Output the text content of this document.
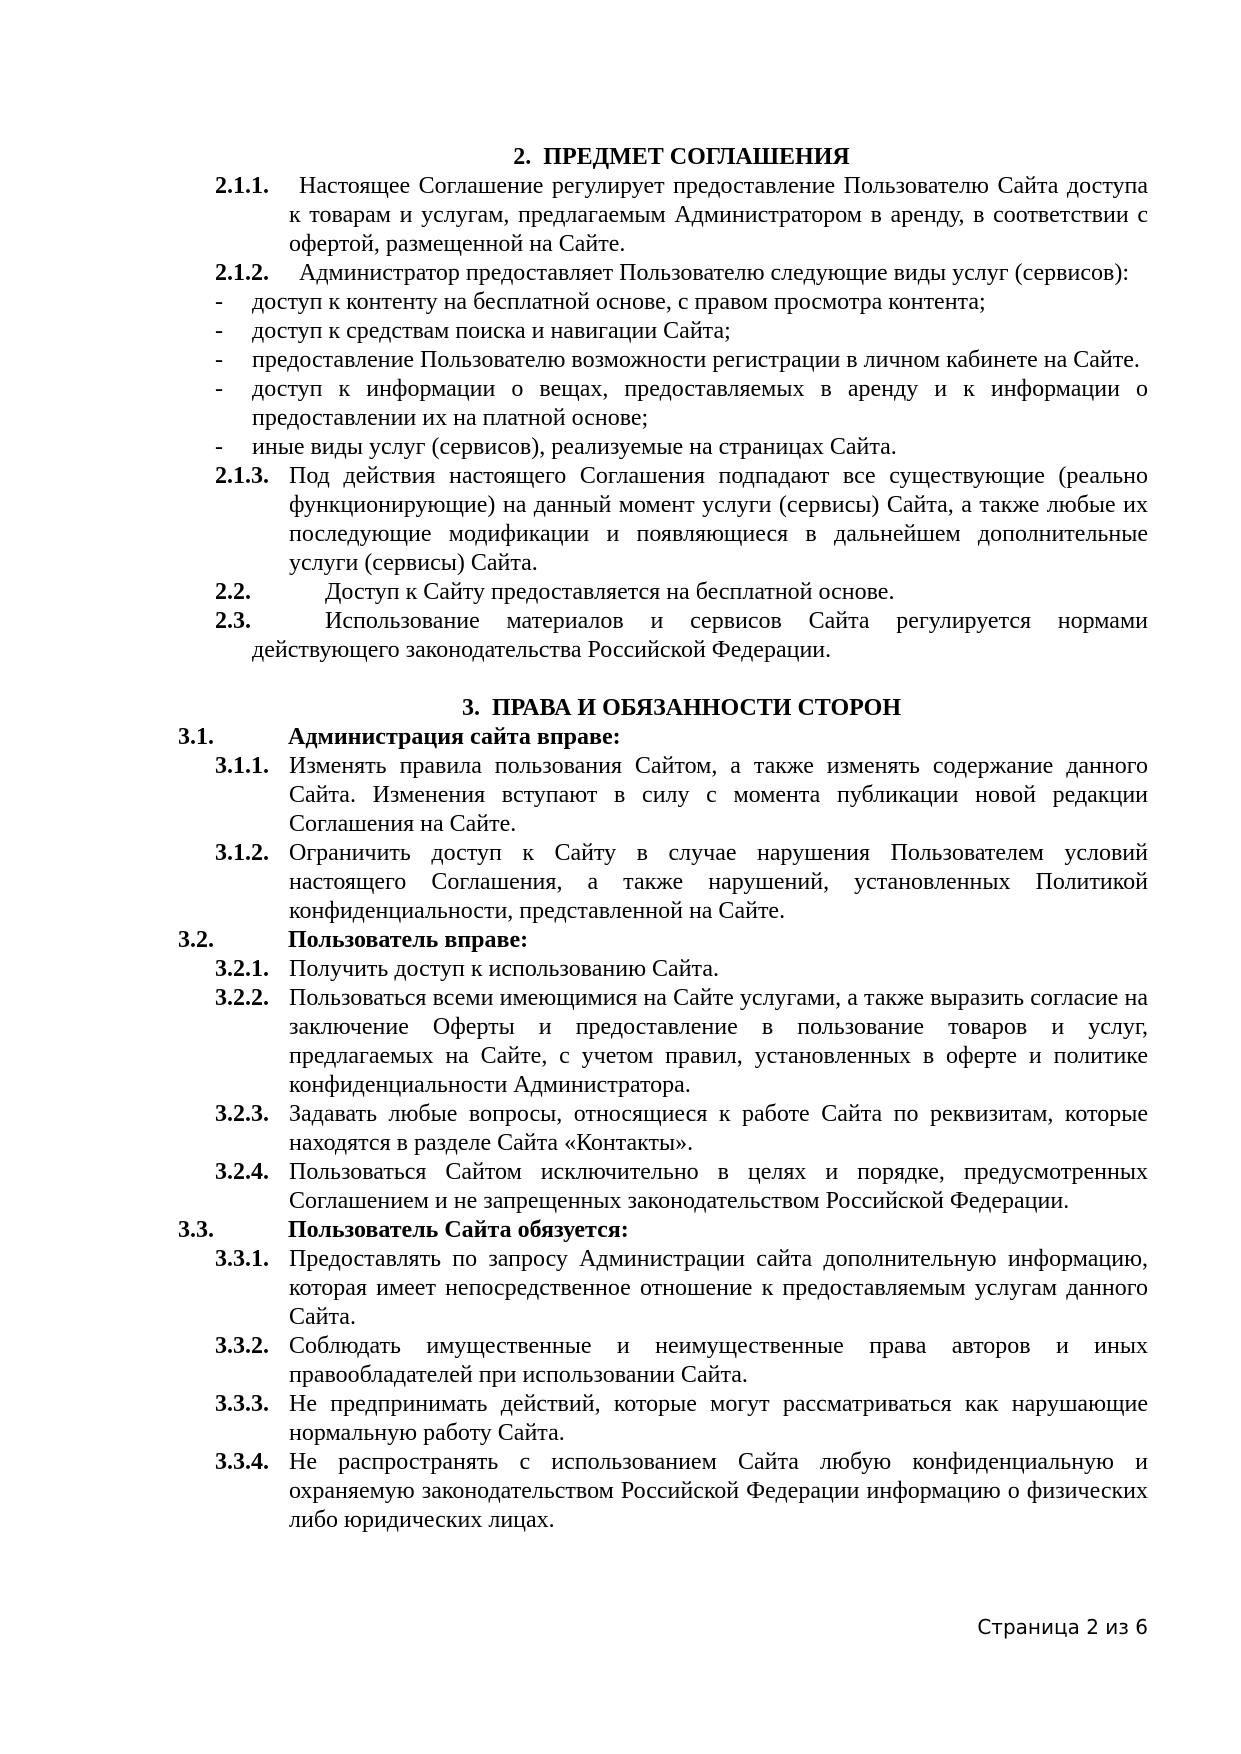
2. ПРЕДМЕТ СОГЛАШЕНИЯ
2.1.1.	Настоящее Соглашение регулирует предоставление Пользователю Сайта доступа к товарам и услугам, предлагаемым Администратором в аренду, в соответствии с офертой, размещенной на Сайте.
2.1.2.	Администратор предоставляет Пользователю следующие виды услуг (сервисов):
- доступ к контенту на бесплатной основе, с правом просмотра контента;
- доступ к средствам поиска и навигации Сайта;
- предоставление Пользователю возможности регистрации в личном кабинете на Сайте.
- доступ к информации о вещах, предоставляемых в аренду и к информации о предоставлении их на платной основе;
- иные виды услуг (сервисов), реализуемые на страницах Сайта.
2.1.3. Под действия настоящего Соглашения подпадают все существующие (реально функционирующие) на данный момент услуги (сервисы) Сайта, а также любые их последующие модификации и появляющиеся в дальнейшем дополнительные услуги (сервисы) Сайта.
2.2.	Доступ к Сайту предоставляется на бесплатной основе.
2.3.	Использование материалов и сервисов Сайта регулируется нормами действующего законодательства Российской Федерации.
3. ПРАВА И ОБЯЗАННОСТИ СТОРОН
3.1.	Администрация сайта вправе:
3.1.1. Изменять правила пользования Сайтом, а также изменять содержание данного Сайта. Изменения вступают в силу с момента публикации новой редакции Соглашения на Сайте.
3.1.2. Ограничить доступ к Сайту в случае нарушения Пользователем условий настоящего Соглашения, а также нарушений, установленных Политикой конфиденциальности, представленной на Сайте.
3.2.	Пользователь вправе:
3.2.1. Получить доступ к использованию Сайта.
3.2.2. Пользоваться всеми имеющимися на Сайте услугами, а также выразить согласие на заключение Оферты и предоставление в пользование товаров и услуг, предлагаемых на Сайте, с учетом правил, установленных в оферте и политике конфиденциальности Администратора.
3.2.3. Задавать любые вопросы, относящиеся к работе Сайта по реквизитам, которые находятся в разделе Сайта «Контакты».
3.2.4. Пользоваться Сайтом исключительно в целях и порядке, предусмотренных Соглашением и не запрещенных законодательством Российской Федерации.
3.3.	Пользователь Сайта обязуется:
3.3.1. Предоставлять по запросу Администрации сайта дополнительную информацию, которая имеет непосредственное отношение к предоставляемым услугам данного Сайта.
3.3.2. Соблюдать имущественные и неимущественные права авторов и иных правообладателей при использовании Сайта.
3.3.3. Не предпринимать действий, которые могут рассматриваться как нарушающие нормальную работу Сайта.
3.3.4. Не распространять с использованием Сайта любую конфиденциальную и охраняемую законодательством Российской Федерации информацию о физических либо юридических лицах.
Страница 2 из 6
